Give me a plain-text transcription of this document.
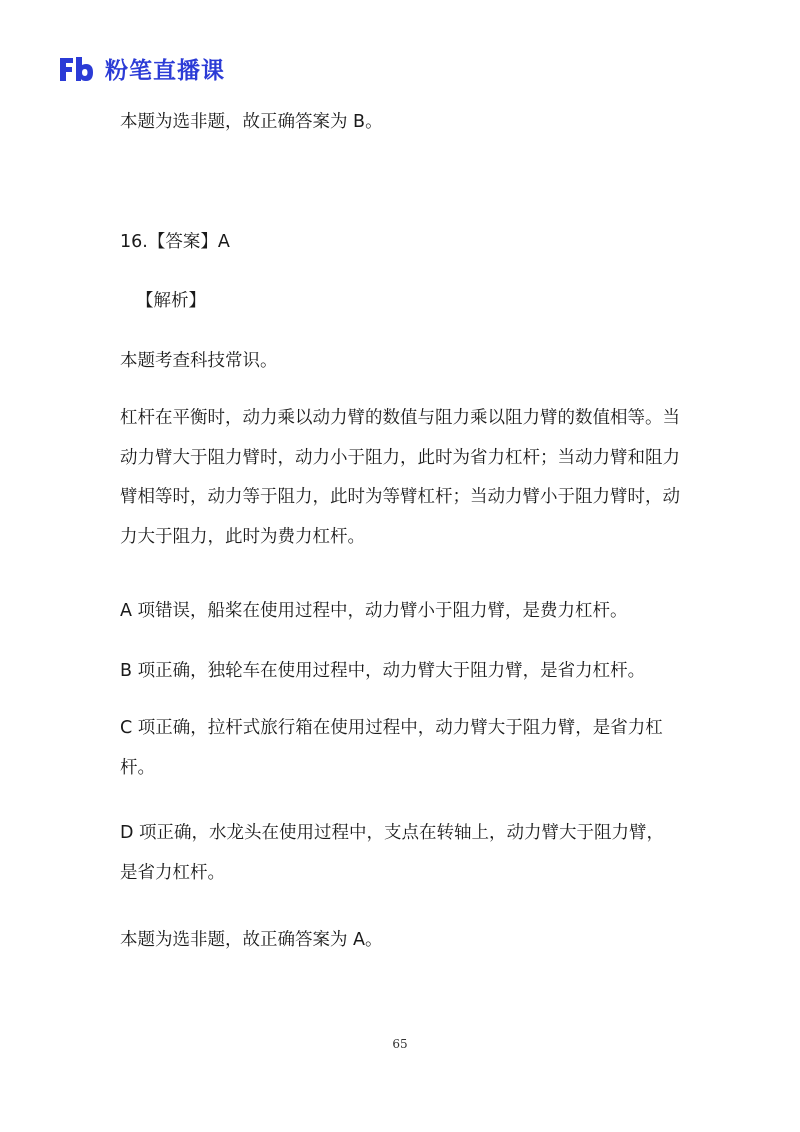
粉笔直播课
本题为选非题，故正确答案为 B。
16.【答案】A
【解析】
本题考查科技常识。
杠杆在平衡时，动力乘以动力臂的数值与阻力乘以阻力臂的数值相等。当动力臂大于阻力臂时，动力小于阻力，此时为省力杠杆；当动力臂和阻力臂相等时，动力等于阻力，此时为等臂杠杆；当动力臂小于阻力臂时，动力大于阻力，此时为费力杠杆。
A 项错误，船桨在使用过程中，动力臂小于阻力臂，是费力杠杆。
B 项正确，独轮车在使用过程中，动力臂大于阻力臂，是省力杠杆。
C 项正确，拉杆式旅行箱在使用过程中，动力臂大于阻力臂，是省力杠杆。
D 项正确，水龙头在使用过程中，支点在转轴上，动力臂大于阻力臂，是省力杠杆。
本题为选非题，故正确答案为 A。
65
